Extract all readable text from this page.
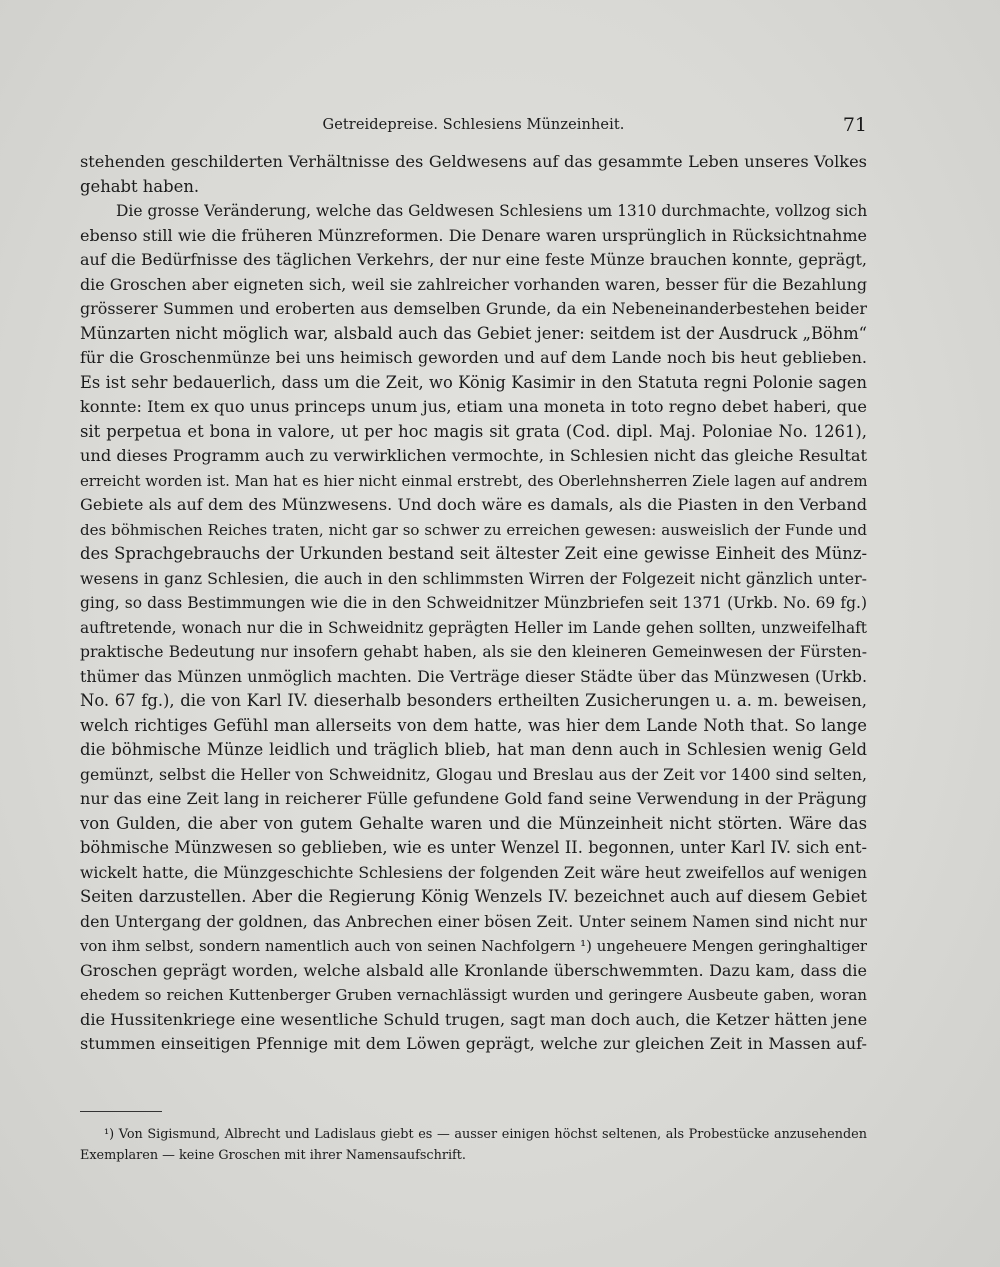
Getreidepreise. Schlesiens Münzeinheit.	71
stehenden geschilderten Verhältnisse des Geldwesens auf das gesammte Leben unseres Volkes
gehabt haben.
Die grosse Veränderung, welche das Geldwesen Schlesiens um 1310 durchmachte, vollzog sich
ebenso still wie die früheren Münzreformen. Die Denare waren ursprünglich in Rücksichtnahme
auf die Bedürfnisse des täglichen Verkehrs, der nur eine feste Münze brauchen konnte, geprägt,
die Groschen aber eigneten sich, weil sie zahlreicher vorhanden waren, besser für die Bezahlung
grösserer Summen und eroberten aus demselben Grunde, da ein Nebeneinanderbestehen beider
Münzarten nicht möglich war, alsbald auch das Gebiet jener: seitdem ist der Ausdruck „Böhm“
für die Groschenmünze bei uns heimisch geworden und auf dem Lande noch bis heut geblieben.
Es ist sehr bedauerlich, dass um die Zeit, wo König Kasimir in den Statuta regni Polonie sagen
konnte: Item ex quo unus princeps unum jus, etiam una moneta in toto regno debet haberi, que
sit perpetua et bona in valore, ut per hoc magis sit grata (Cod. dipl. Maj. Poloniae No. 1261),
und dieses Programm auch zu verwirklichen vermochte, in Schlesien nicht das gleiche Resultat
erreicht worden ist. Man hat es hier nicht einmal erstrebt, des Oberlehnsherren Ziele lagen auf andrem
Gebiete als auf dem des Münzwesens. Und doch wäre es damals, als die Piasten in den Verband
des böhmischen Reiches traten, nicht gar so schwer zu erreichen gewesen: ausweislich der Funde und
des Sprachgebrauchs der Urkunden bestand seit ältester Zeit eine gewisse Einheit des Münz-
wesens in ganz Schlesien, die auch in den schlimmsten Wirren der Folgezeit nicht gänzlich unter-
ging, so dass Bestimmungen wie die in den Schweidnitzer Münzbriefen seit 1371 (Urkb. No. 69 fg.)
auftretende, wonach nur die in Schweidnitz geprägten Heller im Lande gehen sollten, unzweifelhaft
praktische Bedeutung nur insofern gehabt haben, als sie den kleineren Gemeinwesen der Fürsten-
thümer das Münzen unmöglich machten. Die Verträge dieser Städte über das Münzwesen (Urkb.
No. 67 fg.), die von Karl IV. dieserhalb besonders ertheilten Zusicherungen u. a. m. beweisen,
welch richtiges Gefühl man allerseits von dem hatte, was hier dem Lande Noth that. So lange
die böhmische Münze leidlich und träglich blieb, hat man denn auch in Schlesien wenig Geld
gemünzt, selbst die Heller von Schweidnitz, Glogau und Breslau aus der Zeit vor 1400 sind selten,
nur das eine Zeit lang in reicherer Fülle gefundene Gold fand seine Verwendung in der Prägung
von Gulden, die aber von gutem Gehalte waren und die Münzeinheit nicht störten. Wäre das
böhmische Münzwesen so geblieben, wie es unter Wenzel II. begonnen, unter Karl IV. sich ent-
wickelt hatte, die Münzgeschichte Schlesiens der folgenden Zeit wäre heut zweifellos auf wenigen
Seiten darzustellen. Aber die Regierung König Wenzels IV. bezeichnet auch auf diesem Gebiet
den Untergang der goldnen, das Anbrechen einer bösen Zeit. Unter seinem Namen sind nicht nur
von ihm selbst, sondern namentlich auch von seinen Nachfolgern ¹) ungeheuere Mengen geringhaltiger
Groschen geprägt worden, welche alsbald alle Kronlande überschwemmten. Dazu kam, dass die
ehedem so reichen Kuttenberger Gruben vernachlässigt wurden und geringere Ausbeute gaben, woran
die Hussitenkriege eine wesentliche Schuld trugen, sagt man doch auch, die Ketzer hätten jene
stummen einseitigen Pfennige mit dem Löwen geprägt, welche zur gleichen Zeit in Massen auf-
¹) Von Sigismund, Albrecht und Ladislaus giebt es — ausser einigen höchst seltenen, als Probestücke anzusehenden
Exemplaren — keine Groschen mit ihrer Namensaufschrift.
